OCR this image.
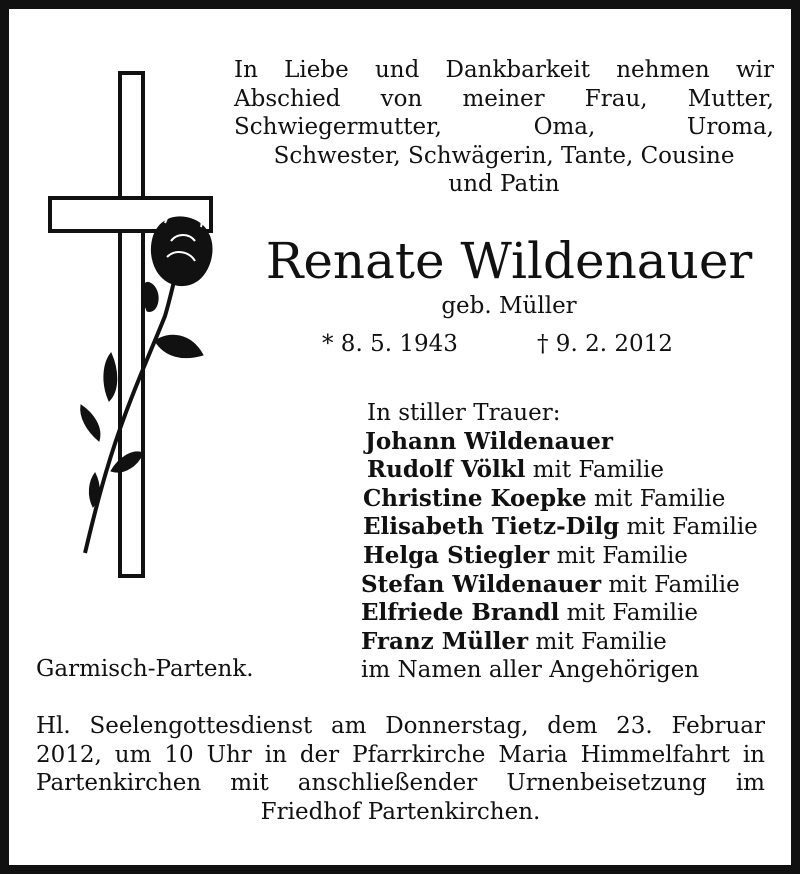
In Liebe und Dankbarkeit nehmen wir
Abschied von meiner Frau, Mutter,
Schwiegermutter, Oma, Uroma,
Schwester, Schwägerin, Tante, Cousine
und Patin
Renate Wildenauer
geb. Müller
* 8. 5. 1943	† 9. 2. 2012
In stiller Trauer:
Johann Wildenauer
Rudolf Völkl mit Familie
Christine Koepke mit Familie
Elisabeth Tietz-Dilg mit Familie
Helga Stiegler mit Familie
Stefan Wildenauer mit Familie
Elfriede Brandl mit Familie
Franz Müller mit Familie
im Namen aller Angehörigen
Garmisch-Partenk.
Hl. Seelengottesdienst am Donnerstag, dem 23. Februar
2012, um 10 Uhr in der Pfarrkirche Maria Himmelfahrt in
Partenkirchen mit anschließender Urnenbeisetzung im
Friedhof Partenkirchen.
